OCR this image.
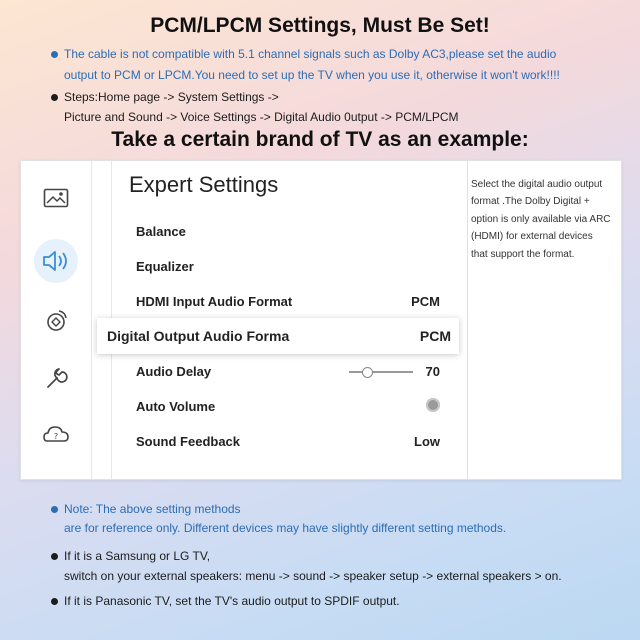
PCM/LPCM Settings, Must Be Set!
The cable is not compatible with 5.1 channel signals such as Dolby AC3,please set the audio
output to PCM or LPCM.You need to set up the TV when you use it, otherwise it won't work!!!!
Steps:Home page -> System Settings ->
Picture and Sound -> Voice Settings -> Digital Audio 0utput -> PCM/LPCM
Take a certain brand of TV as an example:
?
Expert Settings
Balance
Equalizer
HDMI Input Audio Format	PCM
Digital Output Audio Forma	PCM
Audio Delay	70
Auto Volume
Sound Feedback	Low
Select the digital audio output format .The Dolby Digital + option is only available via ARC (HDMI) for external devices that support the format.
Note: The above setting methods
are for reference only. Different devices may have slightly different setting methods.
If it is a Samsung or LG TV,
switch on your external speakers: menu -> sound -> speaker setup -> external speakers > on.
If it is Panasonic TV, set the TV's audio output to SPDIF output.
